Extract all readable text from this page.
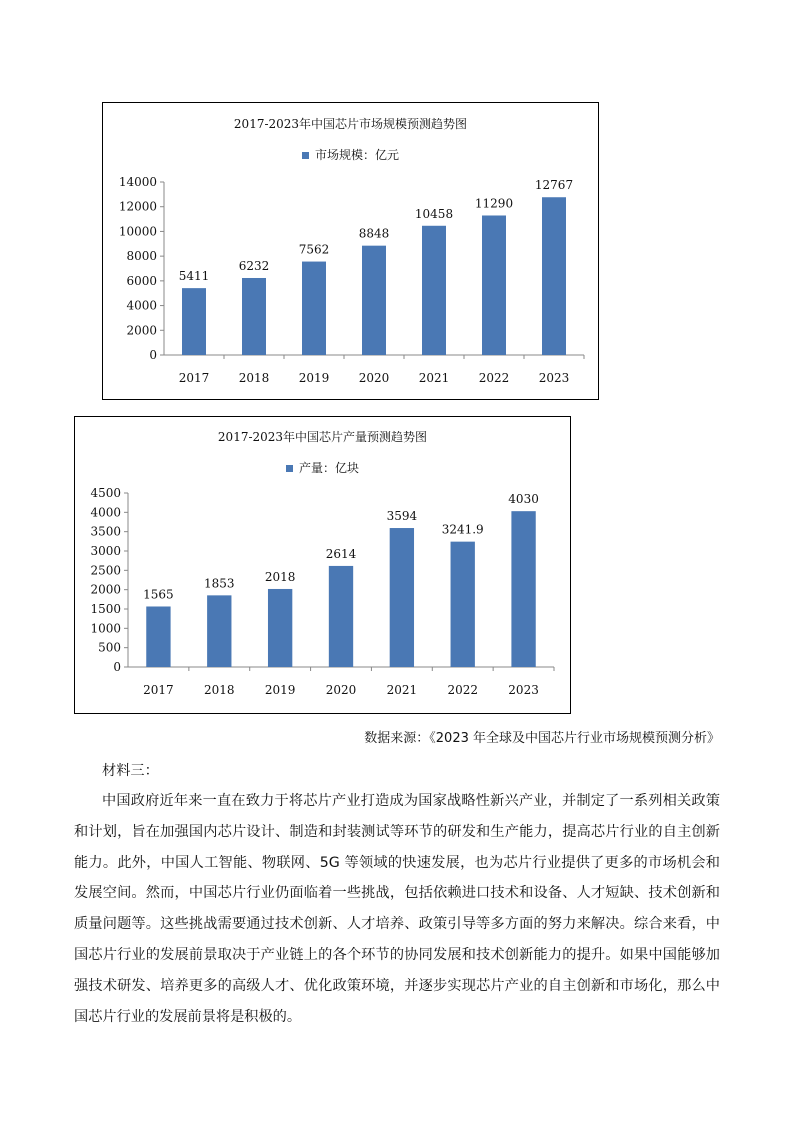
2017-2023年中国芯片市场规模预测趋势图
市场规模：亿元
0
2000
4000
6000
8000
10000
12000
14000
5411
2017
6232
2018
7562
2019
8848
2020
10458
2021
11290
2022
12767
2023
2017-2023年中国芯片产量预测趋势图
产量：亿块
0
500
1000
1500
2000
2500
3000
3500
4000
4500
1565
2017
1853
2018
2018
2019
2614
2020
3594
2021
3241.9
2022
4030
2023
数据来源：《2023 年全球及中国芯片行业市场规模预测分析》

材料三：

中国政府近年来一直在致力于将芯片产业打造成为国家战略性新兴产业，并制定了一系列相关政策和计划，旨在加强国内芯片设计、制造和封装测试等环节的研发和生产能力，提高芯片行业的自主创新能力。此外，中国人工智能、物联网、5G 等领域的快速发展，也为芯片行业提供了更多的市场机会和发展空间。然而，中国芯片行业仍面临着一些挑战，包括依赖进口技术和设备、人才短缺、技术创新和质量问题等。这些挑战需要通过技术创新、人才培养、政策引导等多方面的努力来解决。综合来看，中国芯片行业的发展前景取决于产业链上的各个环节的协同发展和技术创新能力的提升。如果中国能够加强技术研发、培养更多的高级人才、优化政策环境，并逐步实现芯片产业的自主创新和市场化，那么中国芯片行业的发展前景将是积极的。
